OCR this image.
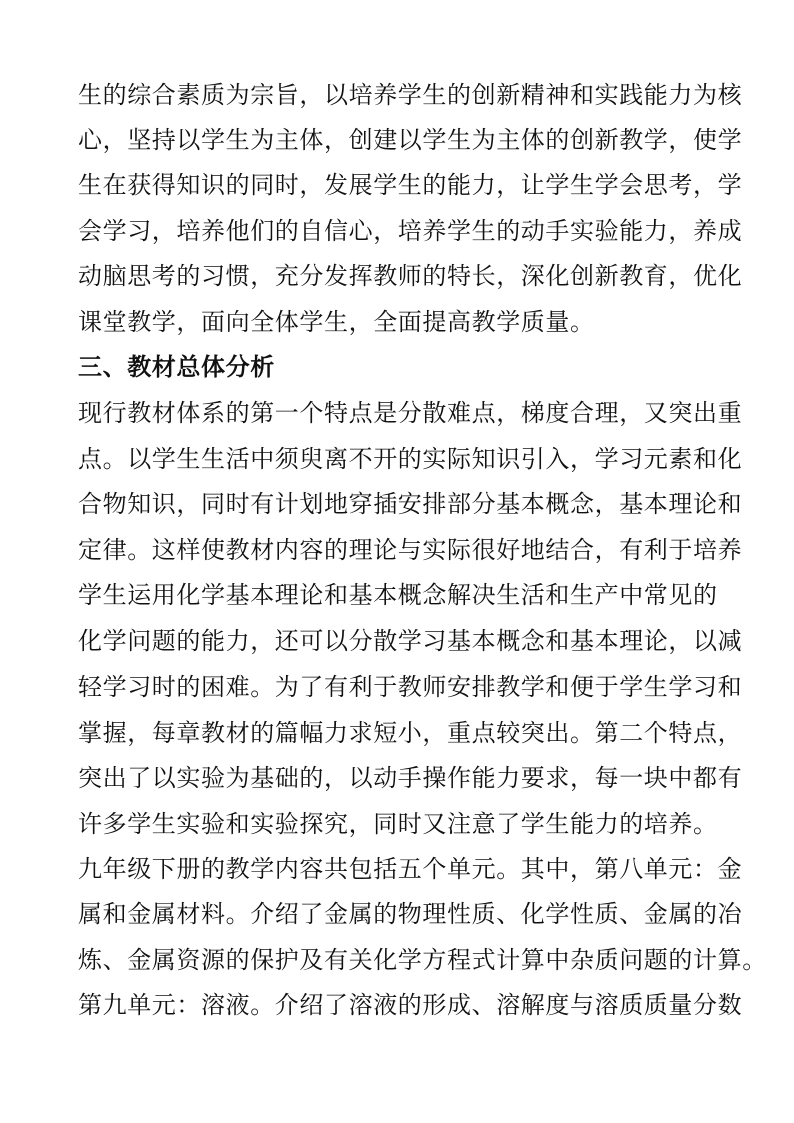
生的综合素质为宗旨，以培养学生的创新精神和实践能力为核
心，坚持以学生为主体，创建以学生为主体的创新教学，使学
生在获得知识的同时，发展学生的能力，让学生学会思考，学
会学习，培养他们的自信心，培养学生的动手实验能力，养成
动脑思考的习惯，充分发挥教师的特长，深化创新教育，优化
课堂教学，面向全体学生，全面提高教学质量。
三、教材总体分析
现行教材体系的第一个特点是分散难点，梯度合理，又突出重
点。以学生生活中须臾离不开的实际知识引入，学习元素和化
合物知识，同时有计划地穿插安排部分基本概念，基本理论和
定律。这样使教材内容的理论与实际很好地结合，有利于培养
学生运用化学基本理论和基本概念解决生活和生产中常见的
化学问题的能力，还可以分散学习基本概念和基本理论，以减
轻学习时的困难。为了有利于教师安排教学和便于学生学习和
掌握，每章教材的篇幅力求短小，重点较突出。第二个特点，
突出了以实验为基础的，以动手操作能力要求，每一块中都有
许多学生实验和实验探究，同时又注意了学生能力的培养。
九年级下册的教学内容共包括五个单元。其中，第八单元：金
属和金属材料。介绍了金属的物理性质、化学性质、金属的冶
炼、金属资源的保护及有关化学方程式计算中杂质问题的计算。
第九单元：溶液。介绍了溶液的形成、溶解度与溶质质量分数
